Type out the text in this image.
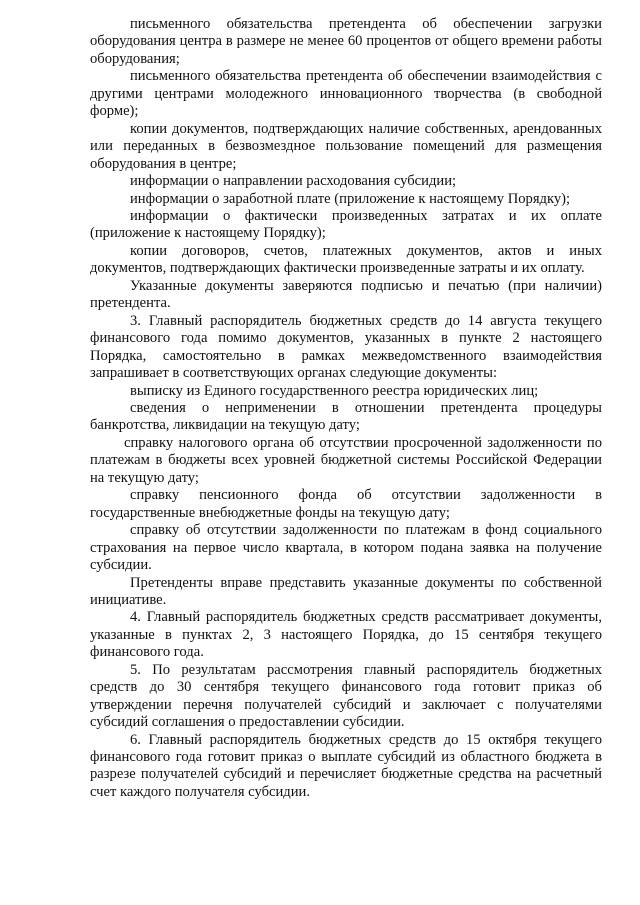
письменного обязательства претендента об обеспечении загрузки оборудования центра в размере не менее 60 процентов от общего времени работы оборудования;

письменного обязательства претендента об обеспечении взаимодействия с другими центрами молодежного инновационного творчества (в свободной форме);

копии документов, подтверждающих наличие собственных, арендованных или переданных в безвозмездное пользование помещений для размещения оборудования в центре;

информации о направлении расходования субсидии;

информации о заработной плате (приложение к настоящему Порядку);

информации о фактически произведенных затратах и их оплате (приложение к настоящему Порядку);

копии договоров, счетов, платежных документов, актов и иных документов, подтверждающих фактически произведенные затраты и их оплату.

Указанные документы заверяются подписью и печатью (при наличии) претендента.

3. Главный распорядитель бюджетных средств до 14 августа текущего финансового года помимо документов, указанных в пункте 2 настоящего Порядка, самостоятельно в рамках межведомственного взаимодействия запрашивает в соответствующих органах следующие документы:

выписку из Единого государственного реестра юридических лиц;

сведения о неприменении в отношении претендента процедуры банкротства, ликвидации на текущую дату;

справку налогового органа об отсутствии просроченной задолженности по платежам в бюджеты всех уровней бюджетной системы Российской Федерации на текущую дату;

справку пенсионного фонда об отсутствии задолженности в государственные внебюджетные фонды на текущую дату;

справку об отсутствии задолженности по платежам в фонд социального страхования на первое число квартала, в котором подана заявка на получение субсидии.

Претенденты вправе представить указанные документы по собственной инициативе.

4. Главный распорядитель бюджетных средств рассматривает документы, указанные в пунктах 2, 3 настоящего Порядка, до 15 сентября текущего финансового года.

5. По результатам рассмотрения главный распорядитель бюджетных средств до 30 сентября текущего финансового года готовит приказ об утверждении перечня получателей субсидий и заключает с получателями субсидий соглашения о предоставлении субсидии.

6. Главный распорядитель бюджетных средств до 15 октября текущего финансового года готовит приказ о выплате субсидий из областного бюджета в разрезе получателей субсидий и перечисляет бюджетные средства на расчетный счет каждого получателя субсидии.
